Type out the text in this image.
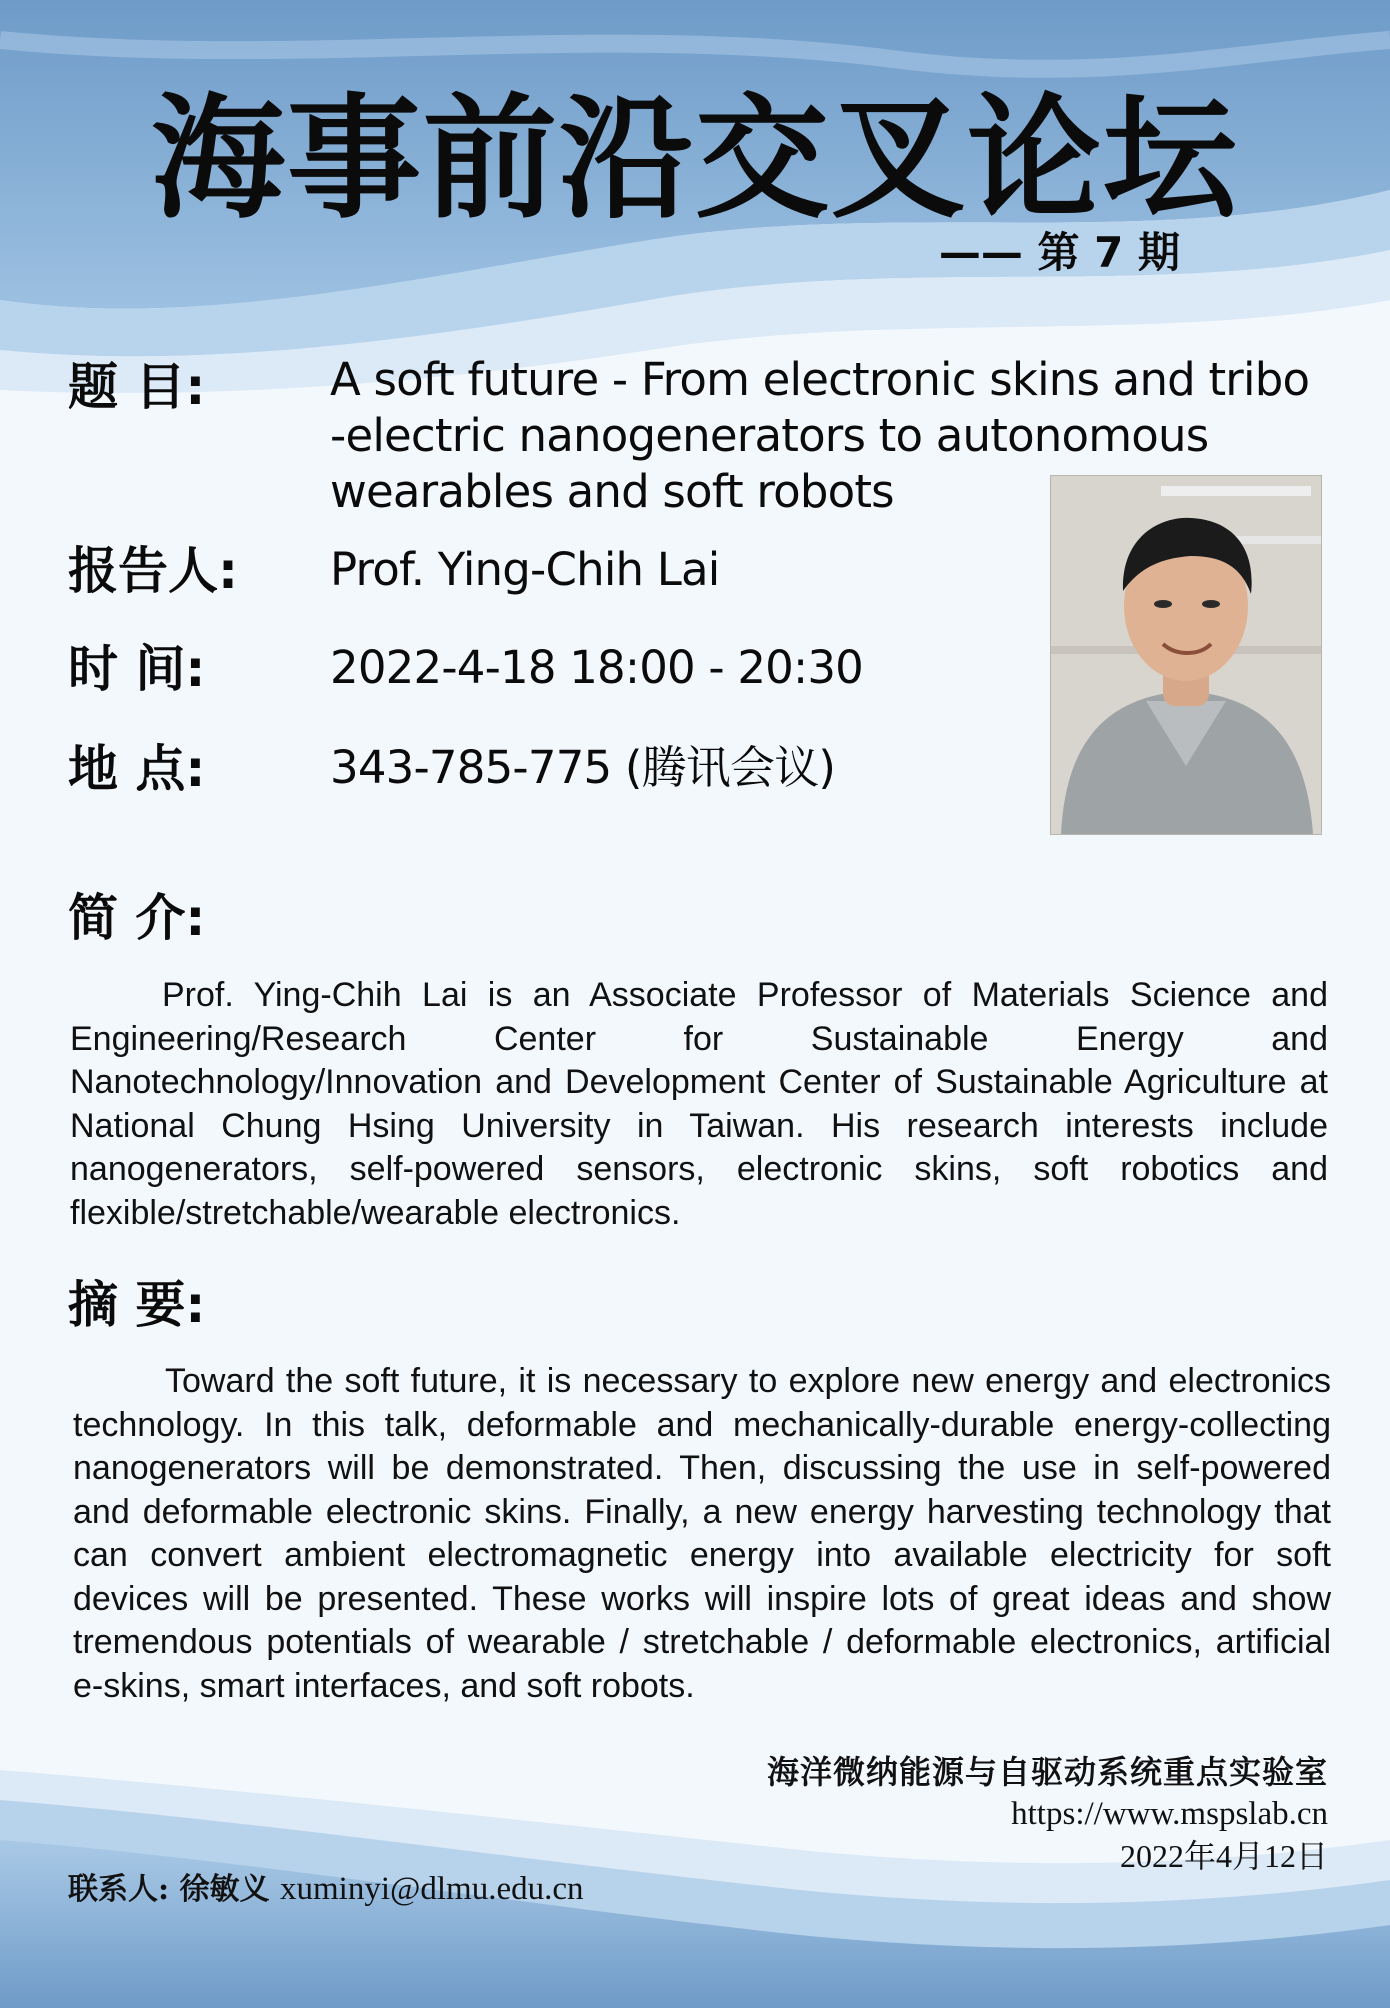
海事前沿交叉论坛
—— 第 7 期
题 目:	A soft future - From electronic skins and tribo -electric nanogenerators to autonomous wearables and soft robots
报告人: Prof. Ying-Chih Lai
时 间:	2022-4-18 18:00 - 20:30
地 点:	343-785-775 (腾讯会议)
简 介:
Prof. Ying-Chih Lai is an Associate Professor of Materials Science and Engineering/Research Center for Sustainable Energy and Nanotechnology/Innovation and Development Center of Sustainable Agriculture at National Chung Hsing University in Taiwan. His research interests include nanogenerators, self-powered sensors, electronic skins, soft robotics and flexible/stretchable/wearable electronics.
摘 要:
Toward the soft future, it is necessary to explore new energy and electronics technology. In this talk, deformable and mechanically-durable energy-collecting nanogenerators will be demonstrated. Then, discussing the use in self-powered and deformable electronic skins. Finally, a new energy harvesting technology that can convert ambient electromagnetic energy into available electricity for soft devices will be presented. These works will inspire lots of great ideas and show tremendous potentials of wearable / stretchable / deformable electronics, artificial e-skins, smart interfaces, and soft robots.
海洋微纳能源与自驱动系统重点实验室
https://www.mspslab.cn
2022年4月12日
联系人: 徐敏义 xuminyi@dlmu.edu.cn
